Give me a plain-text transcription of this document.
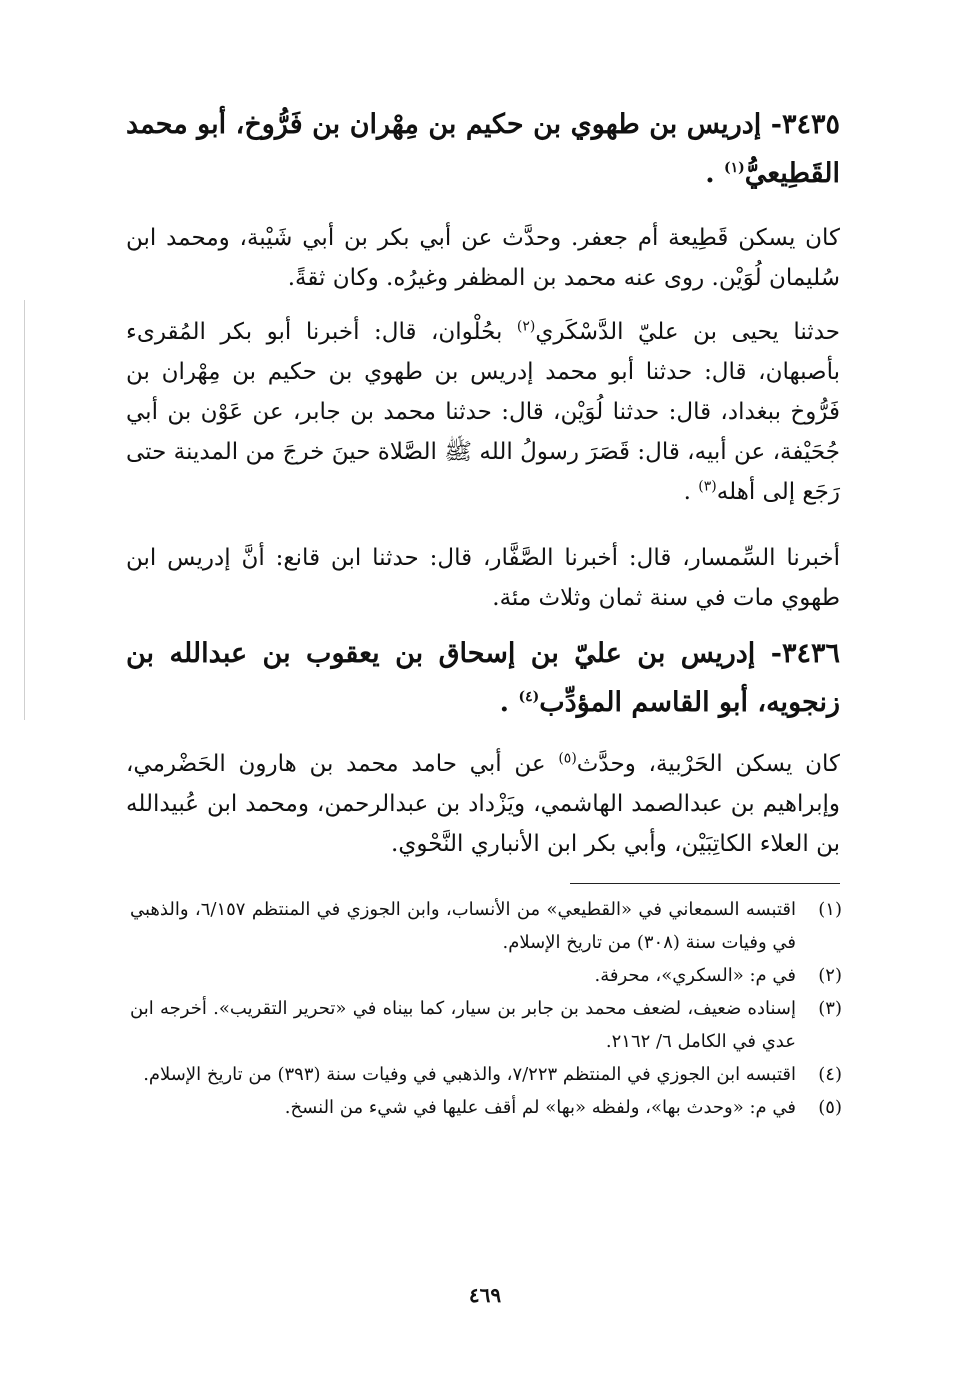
٣٤٣٥- إدريس بن طهوي بن حكيم بن مِهْران بن فَرُّوخ، أبو محمد القَطِيعيُّ$^{(١)}$ .
كان يسكن قَطِيعة أم جعفر. وحدَّث عن أبي بكر بن أبي شَيْبة، ومحمد ابن سُليمان لُوَيْن. روى عنه محمد بن المظفر وغيرُه. وكان ثقةً.
حدثنا يحيى بن عليّ الدَّسْكَري$^{(٢)}$ بحُلْوان، قال: أخبرنا أبو بكر المُقرىء بأصبهان، قال: حدثنا أبو محمد إدريس بن طهوي بن حكيم بن مِهْران بن فَرُّوخ ببغداد، قال: حدثنا لُوَيْن، قال: حدثنا محمد بن جابر، عن عَوْن بن أبي جُحَيْفة، عن أبيه، قال: قَصَرَ رسولُ الله ﷺ الصَّلاة حينَ خرجَ من المدينة حتى رَجَع إلى أهله$^{(٣)}$ .
أخبرنا السِّمسار، قال: أخبرنا الصَّفَّار، قال: حدثنا ابن قانع: أنَّ إدريس ابن طهوي مات في سنة ثمان وثلاث مئة.
٣٤٣٦- إدريس بن عليّ بن إسحاق بن يعقوب بن عبدالله بن زنجويه، أبو القاسم المؤدِّب$^{(٤)}$ .
كان يسكن الحَرْبية، وحدَّث$^{(٥)}$ عن أبي حامد محمد بن هارون الحَضْرمي، وإبراهيم بن عبدالصمد الهاشمي، ويَزْداد بن عبدالرحمن، ومحمد ابن عُبيدالله بن العلاء الكاتِبَيْن، وأبي بكر ابن الأنباري النَّحْوي.
(١)
اقتبسه السمعاني في «القطيعي» من الأنساب، وابن الجوزي في المنتظم ٦/١٥٧، والذهبي في وفيات سنة (٣٠٨) من تاريخ الإسلام.
(٢)
في م: «السكري»، محرفة.
(٣)
إسناده ضعيف، لضعف محمد بن جابر بن سيار، كما بيناه في «تحرير التقريب». أخرجه ابن عدي في الكامل ٦/ ٢١٦٢.
(٤)
اقتبسه ابن الجوزي في المنتظم ٧/٢٢٣، والذهبي في وفيات سنة (٣٩٣) من تاريخ الإسلام.
(٥)
في م: «وحدث بها»، ولفظه «بها» لم أقف عليها في شيء من النسخ.
٤٦٩
